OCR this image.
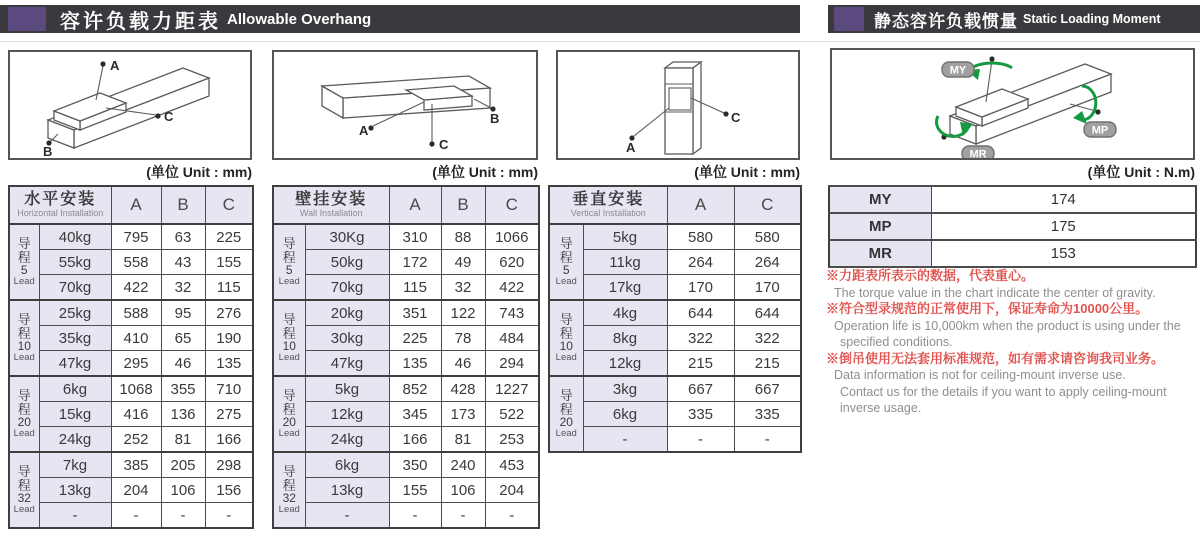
容许负载力距表 Allowable Overhang	静态容许负载惯量 Static Loading Moment
A
C
B
A
C
B
A
C
MY
MP
MR
(单位 Unit : mm)	(单位 Unit : mm)	(单位 Unit : mm)	(单位 Unit : N.m)
水平安装
Horizontal Installation		A	B	C

导
程
5
Lead	40kg	795	63	225
	55kg	558	43	155
	70kg	422	32	115

导
程
10
Lead	25kg	588	95	276
	35kg	410	65	190
	47kg	295	46	135

导
程
20
Lead	6kg	1068	355	710
	15kg	416	136	275
	24kg	252	81	166

导
程
32
Lead	7kg	385	205	298
	13kg	204	106	156
	-	-	-	-
壁挂安装
Wall Installation		A	B	C

导
程
5
Lead	30Kg	310	88	1066
	50kg	172	49	620
	70kg	115	32	422

导
程
10
Lead	20kg	351	122	743
	30kg	225	78	484
	47kg	135	46	294

导
程
20
Lead	5kg	852	428	1227
	12kg	345	173	522
	24kg	166	81	253

导
程
32
Lead	6kg	350	240	453
	13kg	155	106	204
	-	-	-	-
垂直安装
Vertical Installation		A	C

导
程
5
Lead	5kg	580	580
	11kg	264	264
	17kg	170	170

导
程
10
Lead	4kg	644	644
	8kg	322	322
	12kg	215	215

导
程
20
Lead	3kg	667	667
	6kg	335	335
	-	-	-
MY	174
MP	175
MR	153
※力距表所表示的数据，代表重心。
The torque value in the chart indicate the center of gravity.
※符合型录规范的正常使用下，保证寿命为10000公里。
Operation life is 10,000km when the product is using under the
specified conditions.
※倒吊使用无法套用标准规范，如有需求请咨询我司业务。
Data information is not for ceiling-mount inverse use.
Contact us for the details if you want to apply ceiling-mount
inverse usage.
